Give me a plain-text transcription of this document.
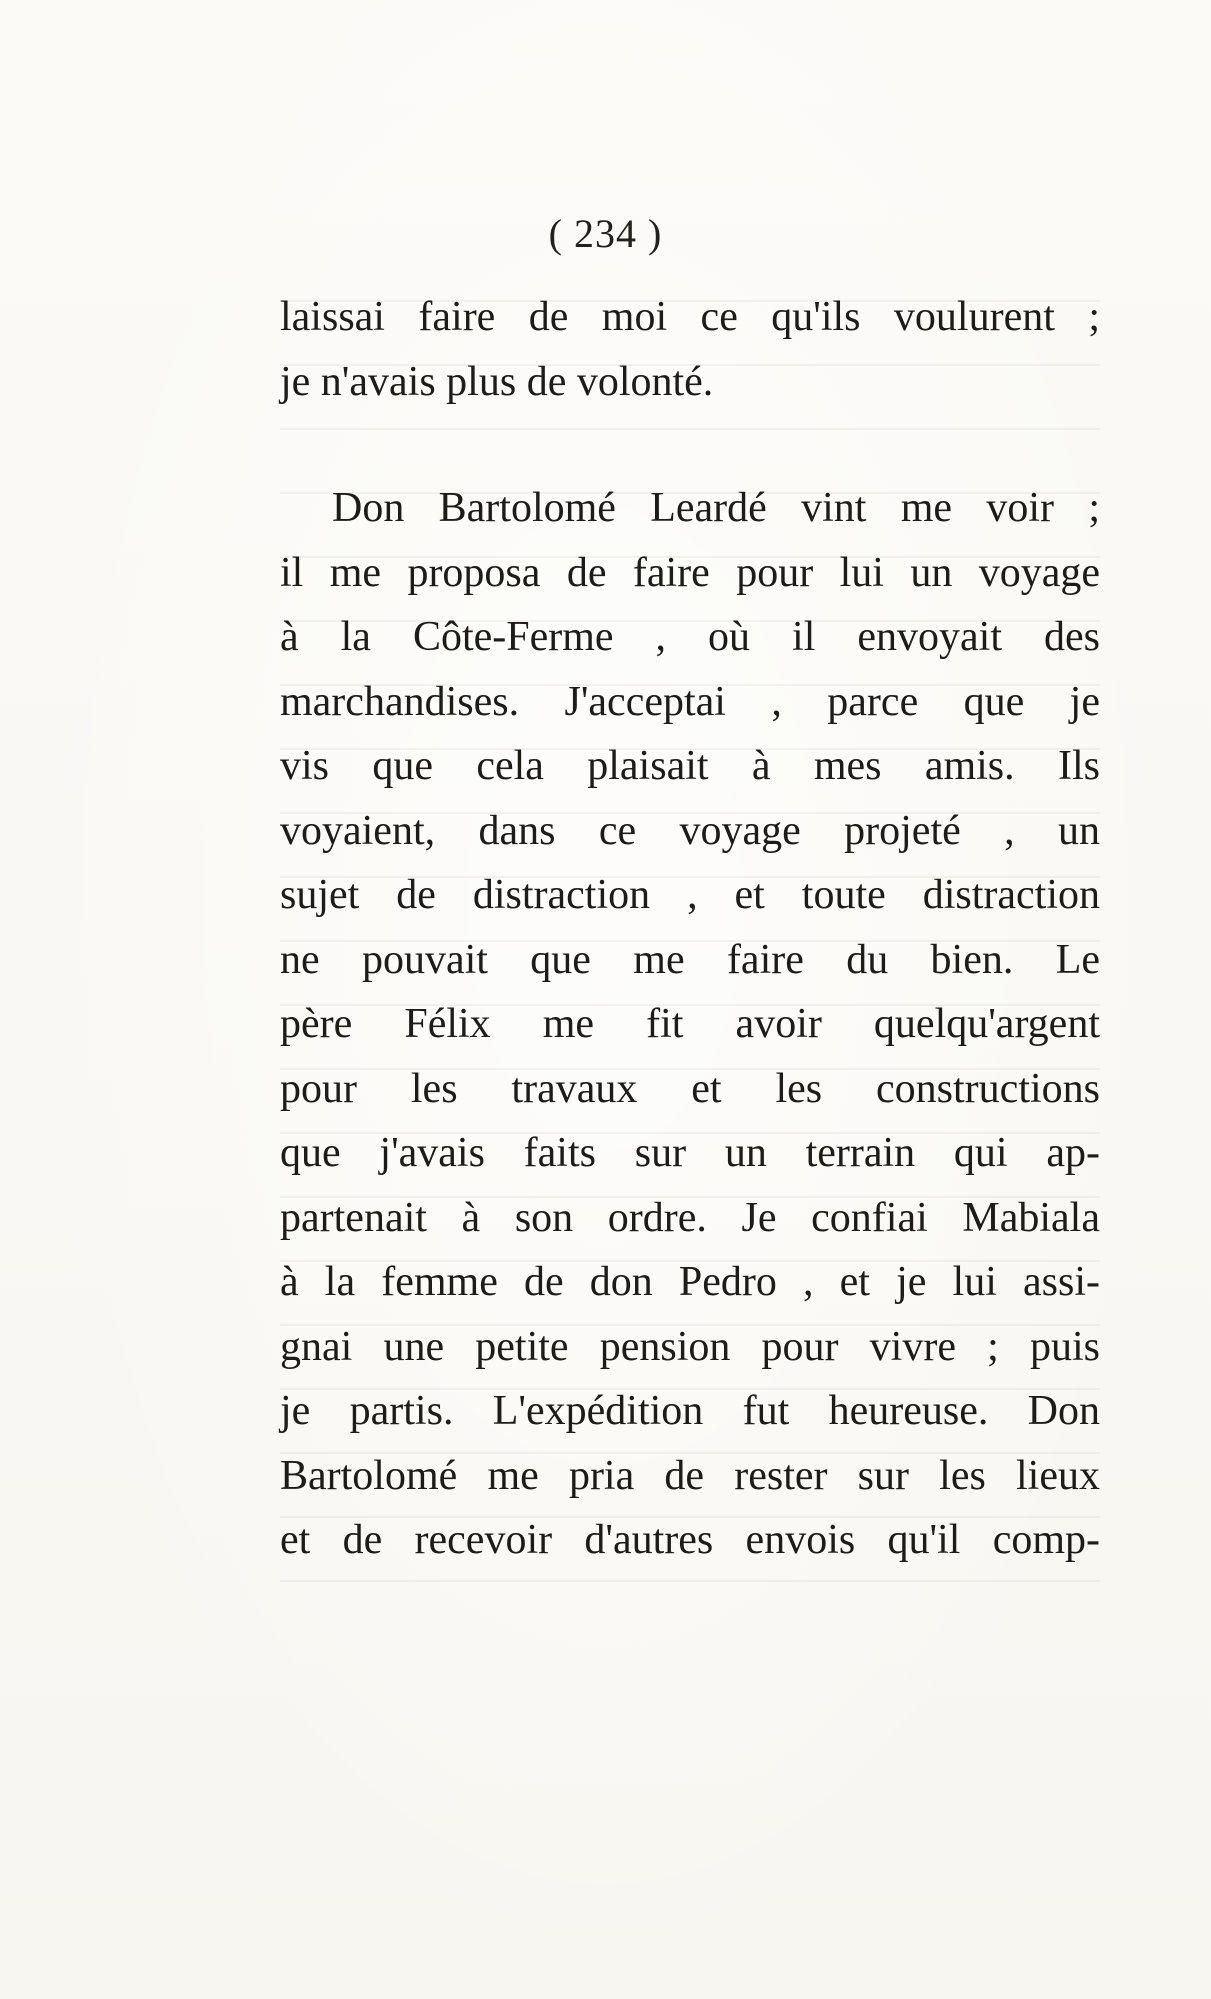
( 234 )
laissai faire de moi ce qu'ils voulurent ;
je n'avais plus de volonté.
Don Bartolomé Leardé vint me voir ;
il me proposa de faire pour lui un voyage
à la Côte-Ferme , où il envoyait des
marchandises. J'acceptai , parce que je
vis que cela plaisait à mes amis. Ils
voyaient, dans ce voyage projeté , un
sujet de distraction , et toute distraction
ne pouvait que me faire du bien. Le
père Félix me fit avoir quelqu'argent
pour les travaux et les constructions
que j'avais faits sur un terrain qui ap-
partenait à son ordre. Je confiai Mabiala
à la femme de don Pedro , et je lui assi-
gnai une petite pension pour vivre ; puis
je partis. L'expédition fut heureuse. Don
Bartolomé me pria de rester sur les lieux
et de recevoir d'autres envois qu'il comp-
